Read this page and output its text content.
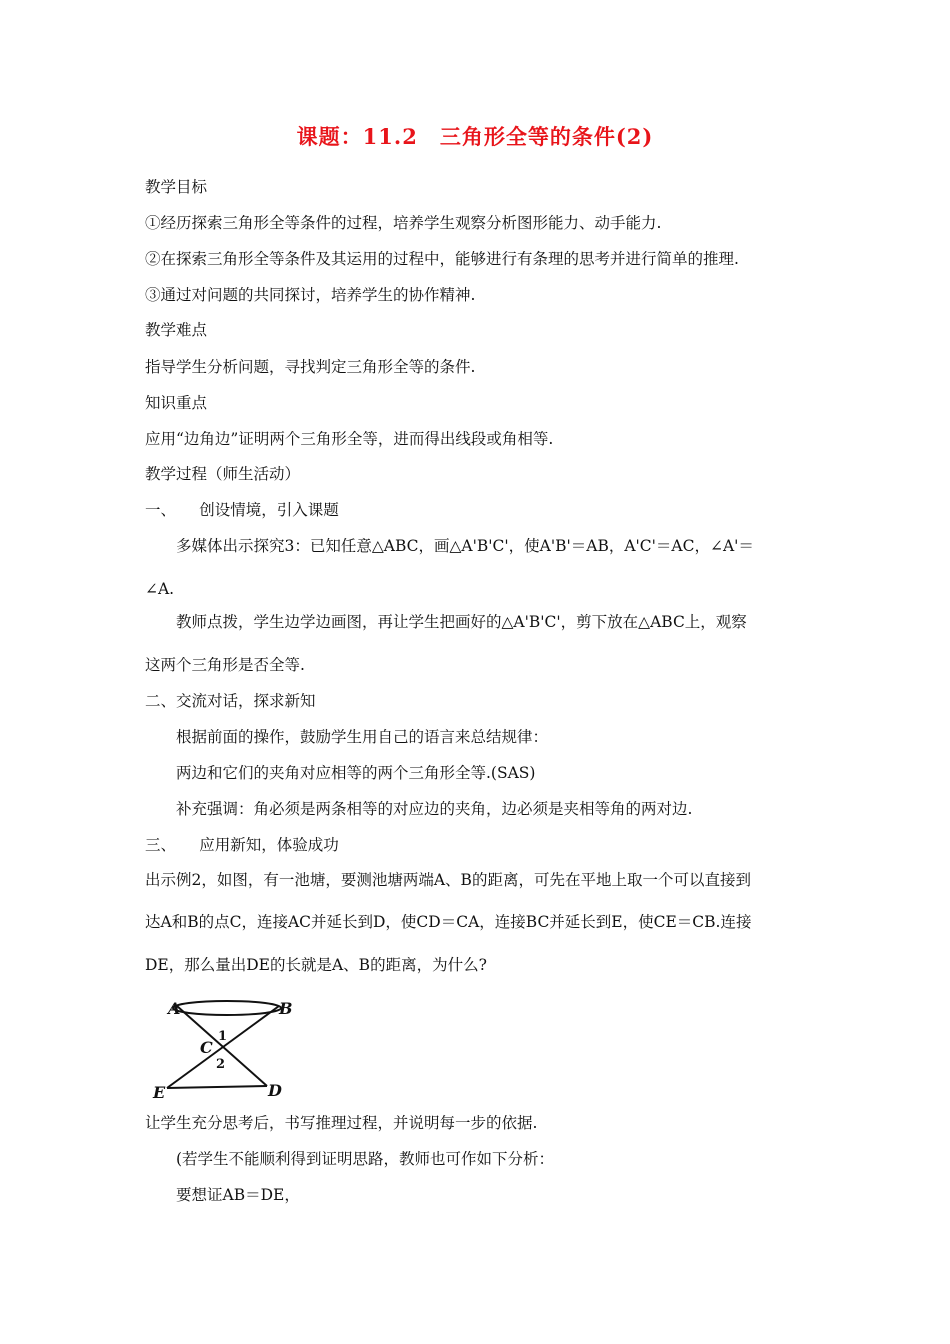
课题：11.2　三角形全等的条件(2)
教学目标
①经历探索三角形全等条件的过程，培养学生观察分析图形能力、动手能力.
②在探索三角形全等条件及其运用的过程中，能够进行有条理的思考并进行简单的推理.
③通过对问题的共同探讨，培养学生的协作精神.
教学难点
指导学生分析问题，寻找判定三角形全等的条件.
知识重点
应用“边角边”证明两个三角形全等，进而得出线段或角相等.
教学过程（师生活动）
一、　　创设情境，引入课题
　　多媒体出示探究3：已知任意△ABC，画△A'B'C'，使A'B'＝AB，A'C'＝AC，∠A'＝
∠A.
　　教师点拨，学生边学边画图，再让学生把画好的△A'B'C'，剪下放在△ABC上，观察
这两个三角形是否全等.
二、交流对话，探求新知
　　根据前面的操作，鼓励学生用自己的语言来总结规律：
　　两边和它们的夹角对应相等的两个三角形全等.(SAS)
　　补充强调：角必须是两条相等的对应边的夹角，边必须是夹相等角的两对边.
三、　　应用新知，体验成功
出示例2，如图，有一池塘，要测池塘两端A、B的距离，可先在平地上取一个可以直接到
达A和B的点C，连接AC并延长到D，使CD＝CA，连接BC并延长到E，使CE＝CB.连接
DE，那么量出DE的长就是A、B的距离，为什么?
A	B
C
D
E
1
2
让学生充分思考后，书写推理过程，并说明每一步的依据.
　　(若学生不能顺利得到证明思路，教师也可作如下分析：
　　要想证AB＝DE，
